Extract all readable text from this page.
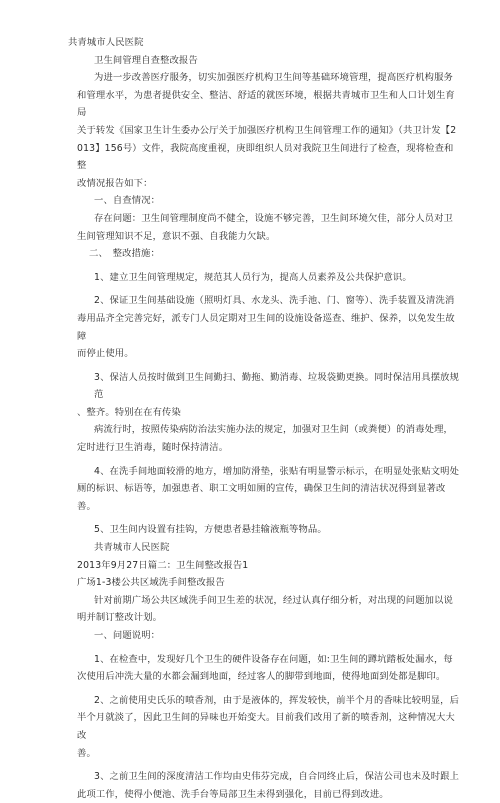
共青城市人民医院
卫生间管理自查整改报告
为进一步改善医疗服务，切实加强医疗机构卫生间等基础环境管理，提高医疗机构服务
和管理水平，为患者提供安全、整洁、舒适的就医环境，根据共青城市卫生和人口计划生育局
关于转发《国家卫生计生委办公厅关于加强医疗机构卫生间管理工作的通知》（共卫计发【2
013】156号）文件，我院高度重视，庚即组织人员对我院卫生间进行了检查，现将检查和整
改情况报告如下：
一、自查情况：
存在问题：卫生间管理制度尚不健全，设施不够完善，卫生间环境欠佳，部分人员对卫
生间管理知识不足，意识不强、自我能力欠缺。
二、　整改措施：
1、建立卫生间管理规定，规范其人员行为，提高人员素养及公共保护意识。
2、保证卫生间基础设施（照明灯具、水龙头、洗手池、门、窗等）、洗手装置及清洗消
毒用品齐全完善完好，派专门人员定期对卫生间的设施设备巡查、维护、保养，以免发生故障
而停止使用。
3、保洁人员按时做到卫生间勤扫、勤拖、勤消毒、垃圾袋勤更换。同时保洁用具摆放规范
、整齐。特别在在有传染
病流行时，按照传染病防治法实施办法的规定，加强对卫生间（或粪便）的消毒处理，
定时进行卫生消毒，随时保持清洁。
4、在洗手间地面较滑的地方，增加防滑垫，张贴有明显警示标示，在明显处张贴文明处
厕的标识、标语等，加强患者、职工文明如厕的宣传，确保卫生间的清洁状况得到显著改善。
5、卫生间内设置有挂钩，方便患者悬挂输液瓶等物品。
共青城市人民医院
2013年9月27日篇二：卫生间整改报告1
广场1-3楼公共区域洗手间整改报告
针对前期广场公共区域洗手间卫生差的状况，经过认真仔细分析，对出现的问题加以说
明并制订整改计划。
一、问题说明：
1、在检查中，发现好几个卫生的硬件设备存在问题，如:卫生间的蹲坑踏板处漏水，每
次使用后冲洗大量的水都会漏到地面，经过客人的脚带到地面，使得地面到处都是脚印。
2、之前使用史氏乐的喷香剂，由于是液体的，挥发较快，前半个月的香味比较明显，后
半个月就淡了，因此卫生间的异味也开始变大。目前我们改用了新的喷香剂，这种情况大大改
善。
3、之前卫生间的深度清洁工作均由史伟芬完成，自合同终止后，保洁公司也未及时跟上
此项工作，使得小便池、洗手台等局部卫生未得到强化，目前已得到改进。
